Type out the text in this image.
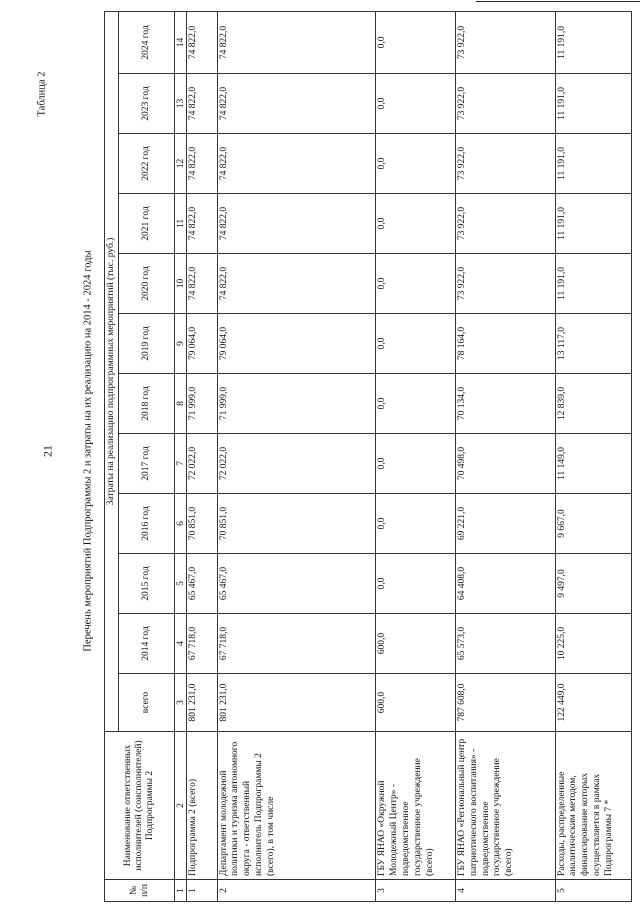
21	Перечень мероприятий Подпрограммы 2 и затраты на их реализацию на 2014 - 2024 годы
Таблица 2
№ п/п	Наименование ответственных исполнителей (соисполнителей) Подпрограммы 2	Затраты на реализацию подпрограммных мероприятий (тыс. руб.)											
		всего	2014 год	2015 год	2016 год	2017 год	2018 год	2019 год	2020 год	2021 год	2022 год	2023 год	2024 год
1	2	3	4	5	6	7	8	9	10	11	12	13	14
1	Подпрограмма 2 (всего)	801 231,0	67 718,0	65 467,0	70 851,0	72 022,0	71 999,0	79 064,0	74 822,0	74 822,0	74 822,0	74 822,0	74 822,0
2	Департамент молодежной политики и туризма автономного округа - ответственный исполнитель Подпрограммы 2 (всего), в том числе	801 231,0	67 718,0	65 467,0	70 851,0	72 022,0	71 999,0	79 064,0	74 822,0	74 822,0	74 822,0	74 822,0	74 822,0
3	ГБУ ЯНАО «Окружной Молодежный Центр» - подведомственное государственное учреждение (всего)	600,0	600,0	0,0	0,0	0,0	0,0	0,0	0,0	0,0	0,0	0,0	0,0
4	ГБУ ЯНАО «Региональный центр патриотического воспитания» - подведомственное государственное учреждение (всего)	787 608,0	65 573,0	64 408,0	69 221,0	70 498,0	70 134,0	78 164,0	73 922,0	73 922,0	73 922,0	73 922,0	73 922,0
5	Расходы, распределенные аналитическим методом, финансирование которых осуществляется в рамках Подпрограммы 7 *	122 449,0	10 225,0	9 497,0	9 667,0	11 149,0	12 839,0	13 117,0	11 191,0	11 191,0	11 191,0	11 191,0	11 191,0
